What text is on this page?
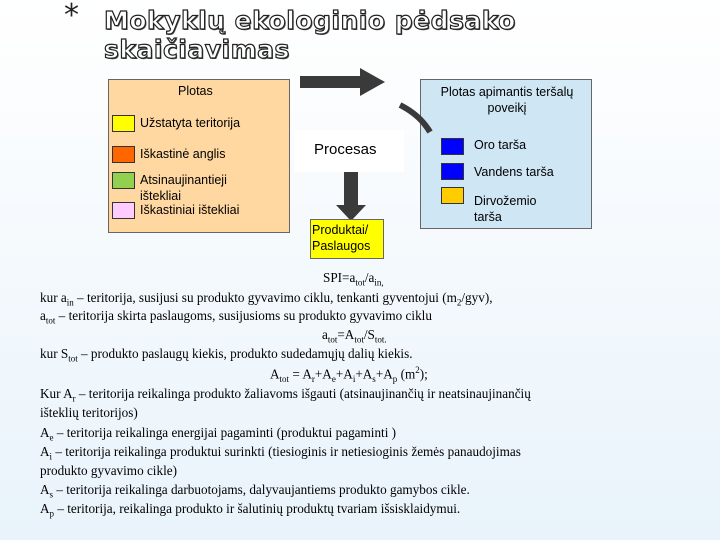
* Mokyklų ekologinio pėdsako skaičiavimas
Plotas	Plotas apimantis teršalų poveikį
Procesas
Produktai/ Paslaugos
Užstatyta teritorija
Iškastinė anglis
Atsinaujinantieji ištekliai
Iškastiniai ištekliai
Oro tarša
Vandens tarša
Dirvožemio tarša
$SPI=a_{tot}/a_{in,}$
kur $a_{in}$ – teritorija, susijusi su produkto gyvavimo ciklu, tenkanti gyventojui $(m_2/gyv)$,
$a_{tot}$ – teritorija skirta paslaugoms, susijusioms su produkto gyvavimo ciklu
$a_{tot}=A_{tot}/S_{tot.}$
kur $S_{tot}$ – produkto paslaugų kiekis, produkto sudedamųjų dalių kiekis.
$A_{tot} = A_r+A_e+A_i+A_s+A_p$ $(m^2)$;
Kur $A_r$ – teritorija reikalinga produkto žaliavoms išgauti (atsinaujinančių ir neatsinaujinančių
išteklių teritorijos)
$A_e$ – teritorija reikalinga energijai pagaminti (produktui pagaminti )
$A_i$ – teritorija reikalinga produktui surinkti (tiesioginis ir netiesioginis žemės panaudojimas
produkto gyvavimo cikle)
$A_s$ – teritorija reikalinga darbuotojams, dalyvaujantiems produkto gamybos cikle.
$A_p$ – teritorija, reikalinga produkto ir šalutinių produktų tvariam išsisklaidymui.
